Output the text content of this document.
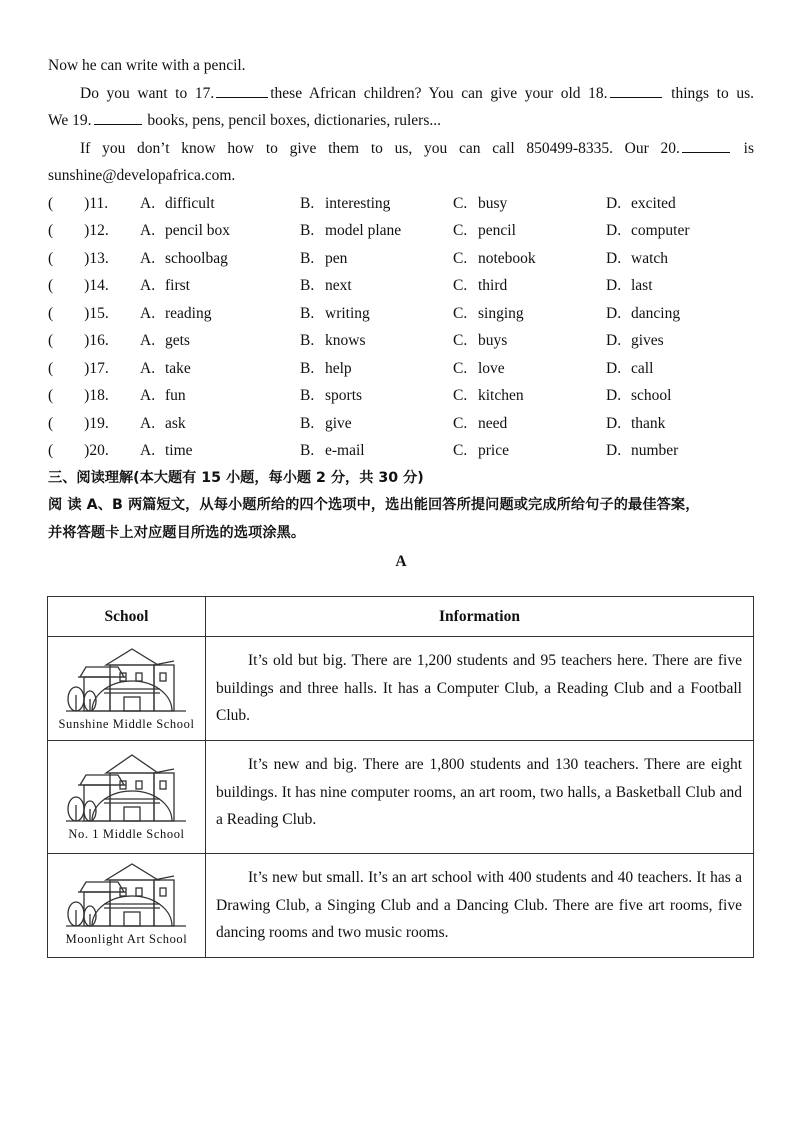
Now he can write with a pencil.

Do you want to 17.	these African children? You can give your old 18.	things to us.

We 19.	books, pens, pencil boxes, dictionaries, rulers...

If you don’t know how to give them to us, you can call 850499-8335. Our 20.	is

sunshine@developafrica.com.

(        )11.	A. difficult	B. interesting	C. busy	D. excited
(        )12.	A. pencil box	B. model plane	C. pencil	D. computer
(        )13.	A. schoolbag	B. pen	C. notebook	D. watch
(        )14.	A. first	B. next	C. third	D. last
(        )15.	A. reading	B. writing	C. singing	D. dancing
(        )16.	A. gets	B. knows	C. buys	D. gives
(        )17.	A. take	B. help	C. love	D. call
(        )18.	A. fun	B. sports	C. kitchen	D. school
(        )19.	A. ask	B. give	C. need	D. thank
(        )20.	A. time	B. e-mail	C. price	D. number
三、阅读理解(本大题有 15 小题，每小题 2 分，共 30 分)
阅 读 A、B 两篇短文，从每小题所给的四个选项中，选出能回答所提问题或完成所给句子的最佳答案，
并将答题卡上对应题目所选的选项涂黑。
A
School	Information

Sunshine Middle School	It’s old but big. There are 1,200 students and 95 teachers here. There are five buildings and three halls. It has a Computer Club, a Reading Club and a Football Club.

No. 1 Middle School	It’s new and big. There are 1,800 students and 130 teachers. There are eight buildings. It has nine computer rooms, an art room, two halls, a Basketball Club and a Reading Club.

Moonlight Art School	It’s new but small. It’s an art school with 400 students and 40 teachers. It has a Drawing Club, a Singing Club and a Dancing Club. There are five art rooms, five dancing rooms and two music rooms.
